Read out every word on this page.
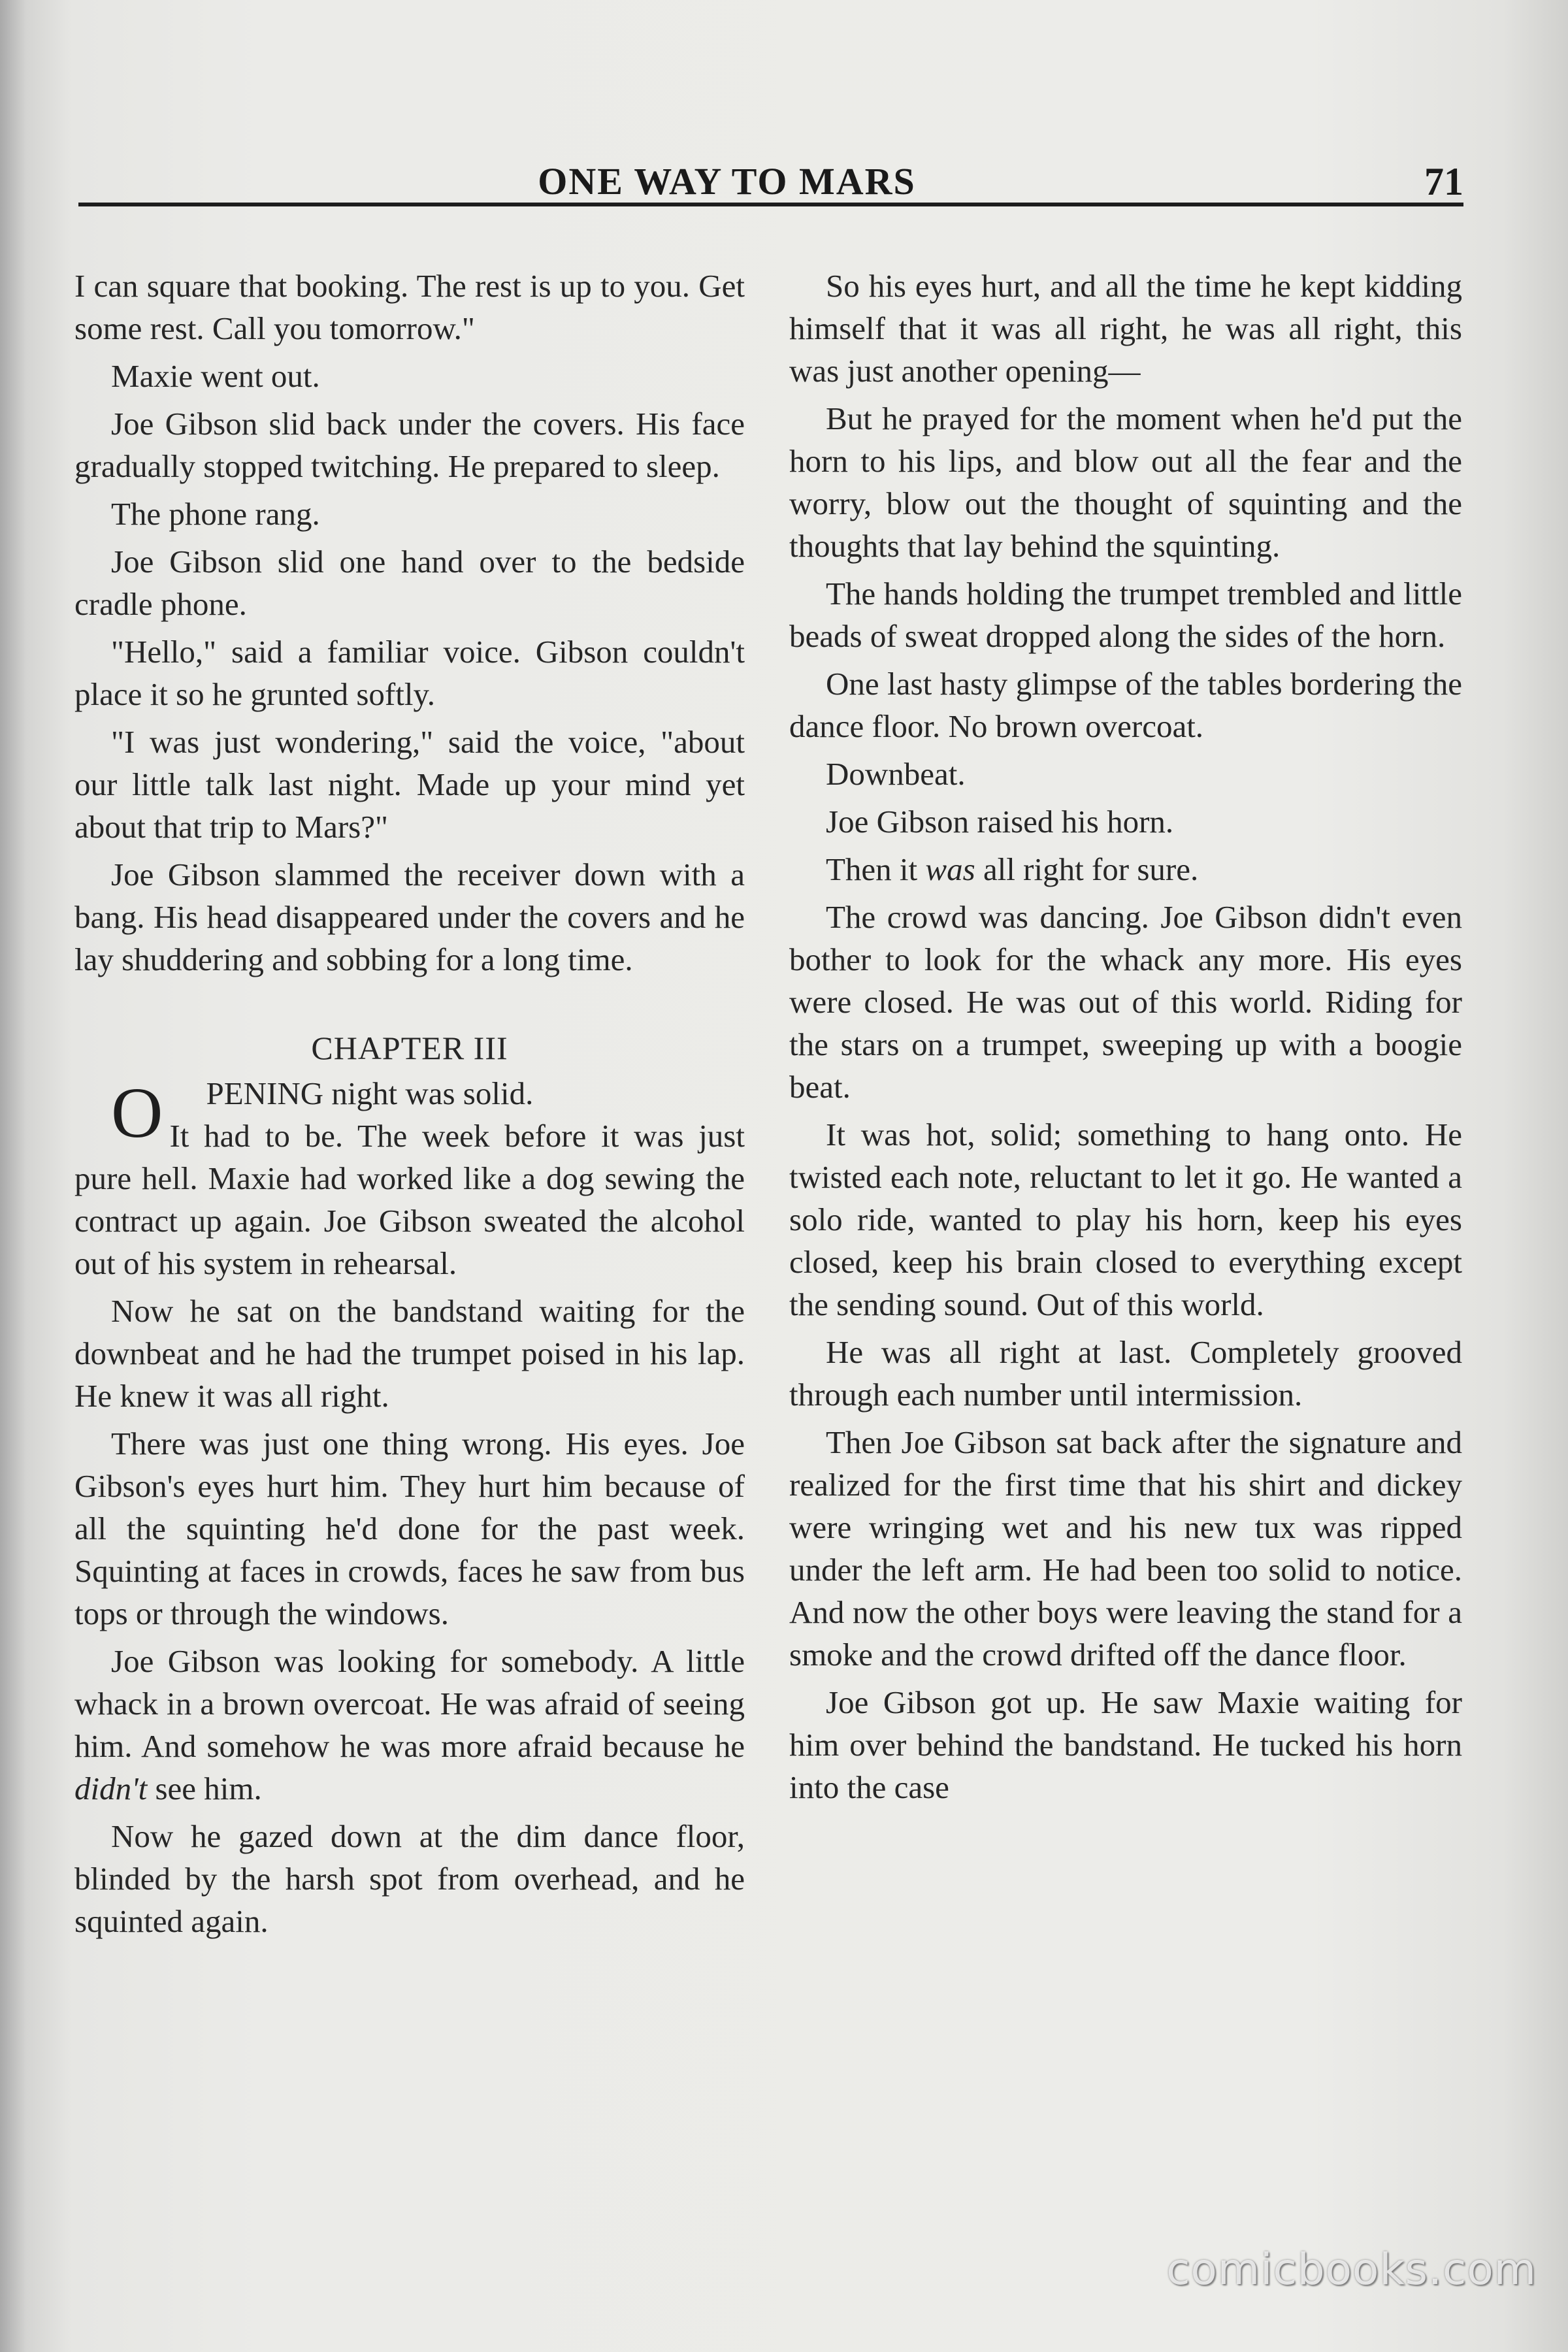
ONE WAY TO MARS	71

I can square that booking. The rest is up to you. Get some rest. Call you tomorrow."

Maxie went out.

Joe Gibson slid back under the covers. His face gradually stopped twitching. He prepared to sleep.

The phone rang.

Joe Gibson slid one hand over to the bedside cradle phone.

"Hello," said a familiar voice. Gibson couldn't place it so he grunted softly.

"I was just wondering," said the voice, "about our little talk last night. Made up your mind yet about that trip to Mars?"

Joe Gibson slammed the receiver down with a bang. His head disappeared under the covers and he lay shuddering and sobbing for a long time.

CHAPTER III

O PENING night was solid.
It had to be. The week before it was just pure hell. Maxie had worked like a dog sewing the contract up again. Joe Gibson sweated the alcohol out of his system in rehearsal.

Now he sat on the bandstand waiting for the downbeat and he had the trumpet poised in his lap. He knew it was all right.

There was just one thing wrong. His eyes. Joe Gibson's eyes hurt him. They hurt him because of all the squinting he'd done for the past week. Squinting at faces in crowds, faces he saw from bus tops or through the windows.

Joe Gibson was looking for somebody. A little whack in a brown overcoat. He was afraid of seeing him. And somehow he was more afraid because he didn't see him.

Now he gazed down at the dim dance floor, blinded by the harsh spot from overhead, and he squinted again.

So his eyes hurt, and all the time he kept kidding himself that it was all right, he was all right, this was just another opening—

But he prayed for the moment when he'd put the horn to his lips, and blow out all the fear and the worry, blow out the thought of squinting and the thoughts that lay behind the squinting.

The hands holding the trumpet trembled and little beads of sweat dropped along the sides of the horn.

One last hasty glimpse of the tables bordering the dance floor. No brown overcoat.

Downbeat.

Joe Gibson raised his horn.

Then it was all right for sure.

The crowd was dancing. Joe Gibson didn't even bother to look for the whack any more. His eyes were closed. He was out of this world. Riding for the stars on a trumpet, sweeping up with a boogie beat.

It was hot, solid; something to hang onto. He twisted each note, reluctant to let it go. He wanted a solo ride, wanted to play his horn, keep his eyes closed, keep his brain closed to everything except the sending sound. Out of this world.

He was all right at last. Completely grooved through each number until intermission.

Then Joe Gibson sat back after the signature and realized for the first time that his shirt and dickey were wringing wet and his new tux was ripped under the left arm. He had been too solid to notice. And now the other boys were leaving the stand for a smoke and the crowd drifted off the dance floor.

Joe Gibson got up. He saw Maxie waiting for him over behind the bandstand. He tucked his horn into the case

comicbooks.com
